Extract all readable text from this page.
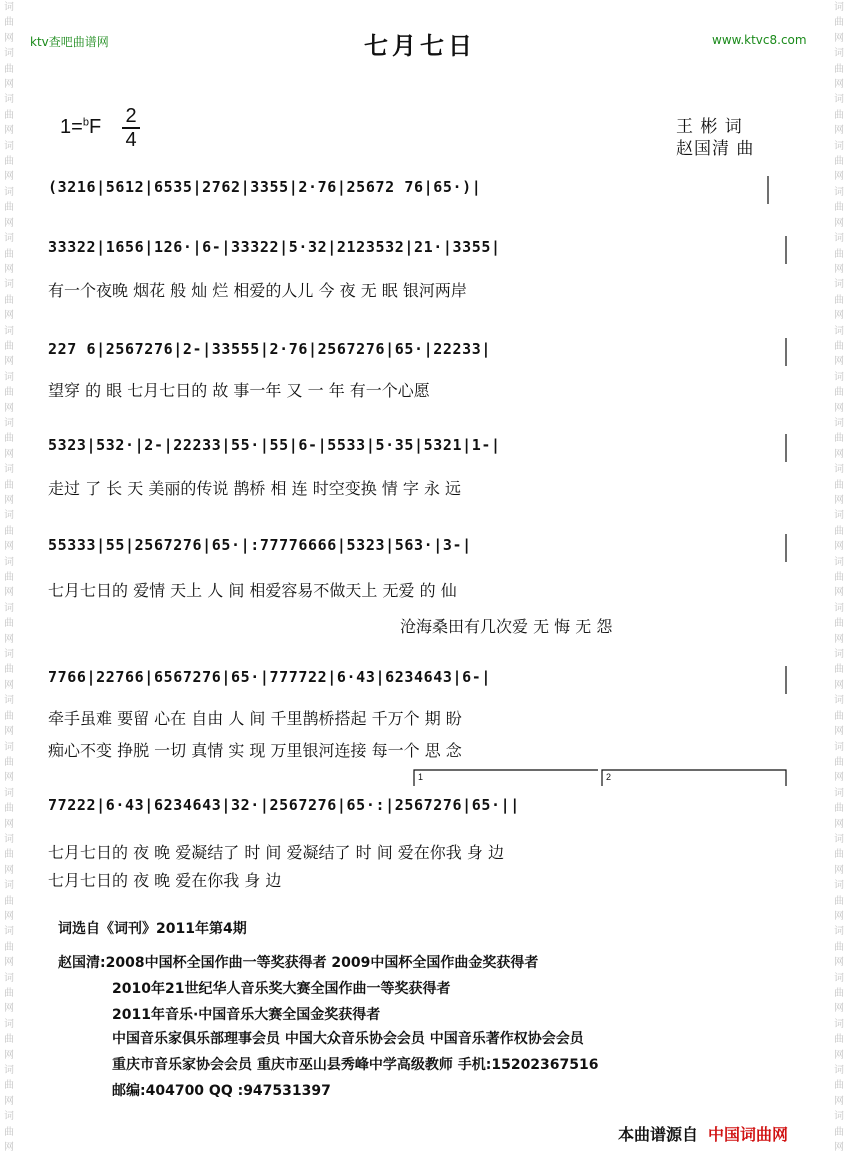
词曲网词曲网词曲网词曲网词曲网词曲网词曲网词曲网词曲网词曲网词曲网词曲网词曲网词曲网词曲网词曲网词曲网词曲网词曲网词曲网词曲网词曲网词曲网词曲网词曲网
词曲网词曲网词曲网词曲网词曲网词曲网词曲网词曲网词曲网词曲网词曲网词曲网词曲网词曲网词曲网词曲网词曲网词曲网词曲网词曲网词曲网词曲网词曲网词曲网词曲网
ktv查吧曲谱网	www.ktvc8.com
七月七日
1=$^b$F 2
4
王 彬 词
赵国清 曲
(3216|5612|6535|2762|3355|2·76|25672 76|65·)|
33322|1656|126·|6-|33322|5·32|2123532|21·|3355|
有一个夜晚 烟花 般 灿 烂 相爱的人儿 今 夜 无 眠 银河两岸
227 6|2567276|2-|33555|2·76|2567276|65·|22233|
望穿 的 眼 七月七日的 故 事一年 又 一 年 有一个心愿
5323|532·|2-|22233|55·|55|6-|5533|5·35|5321|1-|
走过 了 长 天 美丽的传说 鹊桥 相 连 时空变换 情 字 永 远
55333|55|2567276|65·|:77776666|5323|563·|3-|
七月七日的 爱情 天上 人 间 相爱容易不做天上 无爱 的 仙
沧海桑田有几次爱 无 悔 无 怨
7766|22766|6567276|65·|777722|6·43|6234643|6-|
牵手虽难 要留 心在 自由 人 间 千里鹊桥搭起 千万个 期 盼
痴心不变 挣脱 一切 真情 实 现 万里银河连接 每一个 思 念
77222|6·43|6234643|32·|2567276|65·:|2567276|65·||
七月七日的 夜 晚 爱凝结了 时 间 爱凝结了 时 间 爱在你我 身 边
七月七日的 夜 晚 爱在你我 身 边
1	2
词选自《词刊》2011年第4期
赵国清:2008中国杯全国作曲一等奖获得者 2009中国杯全国作曲金奖获得者
2010年21世纪华人音乐奖大赛全国作曲一等奖获得者
2011年音乐·中国音乐大赛全国金奖获得者
中国音乐家俱乐部理事会员 中国大众音乐协会会员 中国音乐著作权协会会员
重庆市音乐家协会会员 重庆市巫山县秀峰中学高级教师 手机:15202367516
邮编:404700 QQ :947531397
本曲谱源自 中国词曲网
